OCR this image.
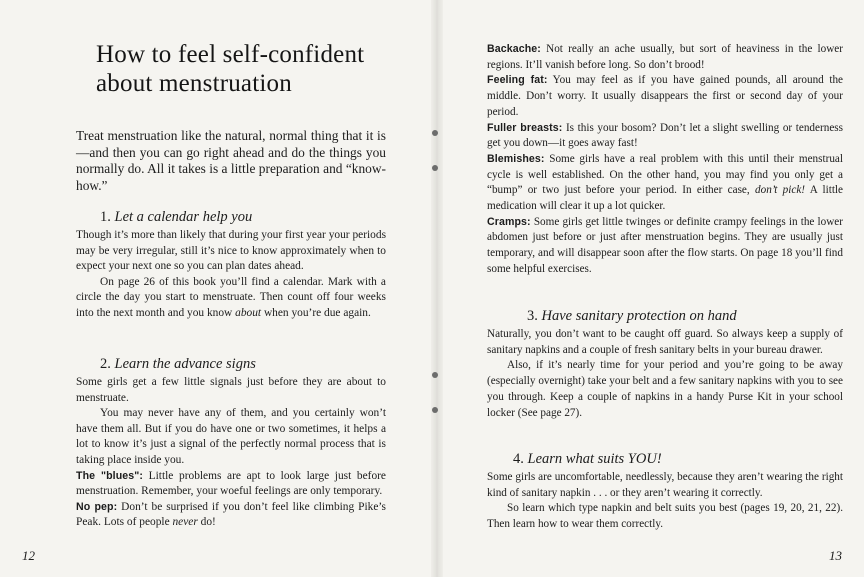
How to feel self-confident about menstruation

Treat menstruation like the natural, normal thing that it is—and then you can go right ahead and do the things you normally do. All it takes is a little preparation and “know-how.”

1. Let a calendar help you

Though it’s more than likely that during your first year your periods may be very irregular, still it’s nice to know approximately when to expect your next one so you can plan dates ahead.

On page 26 of this book you’ll find a calendar. Mark with a circle the day you start to menstruate. Then count off four weeks into the next month and you know about when you’re due again.

2. Learn the advance signs

Some girls get a few little signals just before they are about to menstruate.

You may never have any of them, and you certainly won’t have them all. But if you do have one or two sometimes, it helps a lot to know it’s just a signal of the perfectly normal process that is taking place inside you.

The "blues": Little problems are apt to look large just before menstruation. Remember, your woeful feelings are only temporary.

No pep: Don’t be surprised if you don’t feel like climbing Pike’s Peak. Lots of people never do!

12

Backache: Not really an ache usually, but sort of heaviness in the lower regions. It’ll vanish before long. So don’t brood!

Feeling fat: You may feel as if you have gained pounds, all around the middle. Don’t worry. It usually disappears the first or second day of your period.

Fuller breasts: Is this your bosom? Don’t let a slight swelling or tenderness get you down—it goes away fast!

Blemishes: Some girls have a real problem with this until their menstrual cycle is well established. On the other hand, you may find you only get a “bump” or two just before your period. In either case, don’t pick! A little medication will clear it up a lot quicker.

Cramps: Some girls get little twinges or definite crampy feelings in the lower abdomen just before or just after menstruation begins. They are usually just temporary, and will disappear soon after the flow starts. On page 18 you’ll find some helpful exercises.

3. Have sanitary protection on hand

Naturally, you don’t want to be caught off guard. So always keep a supply of sanitary napkins and a couple of fresh sanitary belts in your bureau drawer.

Also, if it’s nearly time for your period and you’re going to be away (especially overnight) take your belt and a few sanitary napkins with you to see you through. Keep a couple of napkins in a handy Purse Kit in your school locker (See page 27).

4. Learn what suits YOU!

Some girls are uncomfortable, needlessly, because they aren’t wearing the right kind of sanitary napkin . . . or they aren’t wearing it correctly.

So learn which type napkin and belt suits you best (pages 19, 20, 21, 22). Then learn how to wear them correctly.

13
